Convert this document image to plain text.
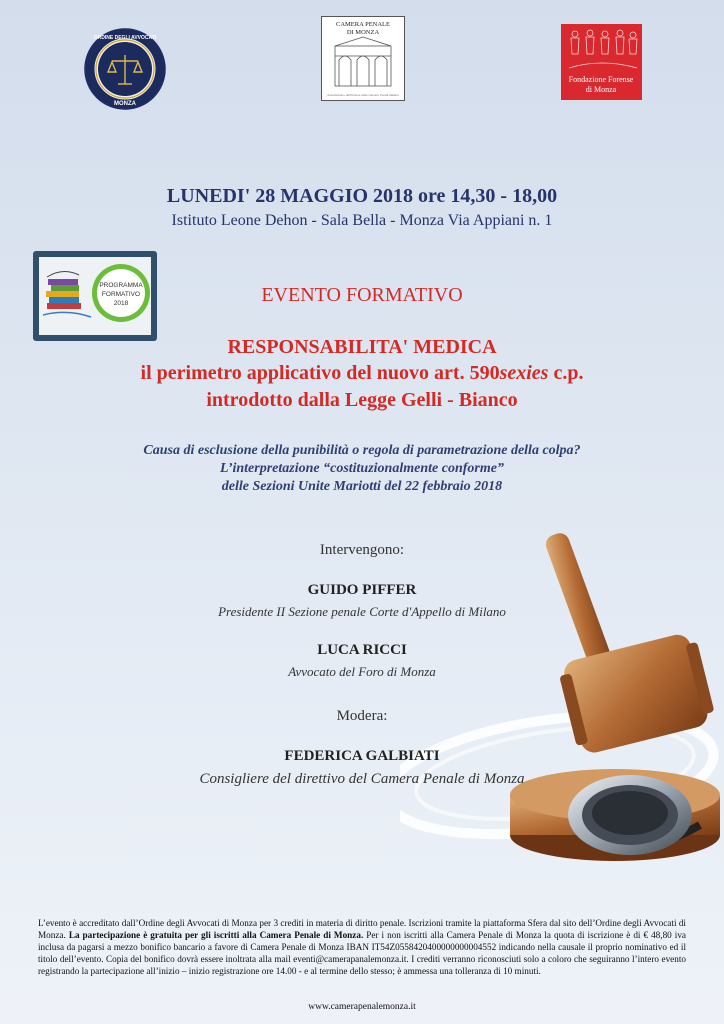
MONZA
ORDINE DEGLI AVVOCATI
CAMERA PENALE
DI MONZA
Associazione dell'Unione delle Camere Penali Italiane
Fondazione Forense
di Monza
LUNEDI' 28 MAGGIO 2018 ore 14,30 - 18,00
Istituto Leone Dehon - Sala Bella - Monza Via Appiani n. 1
PROGRAMMA
FORMATIVO
2018	EVENTO FORMATIVO
RESPONSABILITA' MEDICA
il perimetro applicativo del nuovo art. 590sexies c.p.
introdotto dalla Legge Gelli - Bianco
Causa di esclusione della punibilità o regola di parametrazione della colpa?
L’interpretazione “costituzionalmente conforme”
delle Sezioni Unite Mariotti del 22 febbraio 2018
Intervengono:
GUIDO PIFFER
Presidente II Sezione penale Corte d'Appello di Milano
LUCA RICCI
Avvocato del Foro di Monza
Modera:
FEDERICA GALBIATI
Consigliere del direttivo del Camera Penale di Monza
L’evento è accreditato dall’Ordine degli Avvocati di Monza per 3 crediti in materia di diritto penale. Iscrizioni tramite la piattaforma Sfera dal sito dell’Ordine degli Avvocati di Monza. La partecipazione è gratuita per gli iscritti alla Camera Penale di Monza. Per i non iscritti alla Camera Penale di Monza la quota di iscrizione è di € 48,80 iva inclusa da pagarsi a mezzo bonifico bancario a favore di Camera Penale di Monza IBAN IT54Z0558420400000000004552 indicando nella causale il proprio nominativo ed il titolo dell’evento. Copia del bonifico dovrà essere inoltrata alla mail eventi@camerapanalemonza.it. I crediti verranno riconosciuti solo a coloro che seguiranno l’intero evento registrando la partecipazione all’inizio – inizio registrazione ore 14.00 - e al termine dello stesso; è ammessa una tolleranza di 10 minuti.
www.camerapenalemonza.it
